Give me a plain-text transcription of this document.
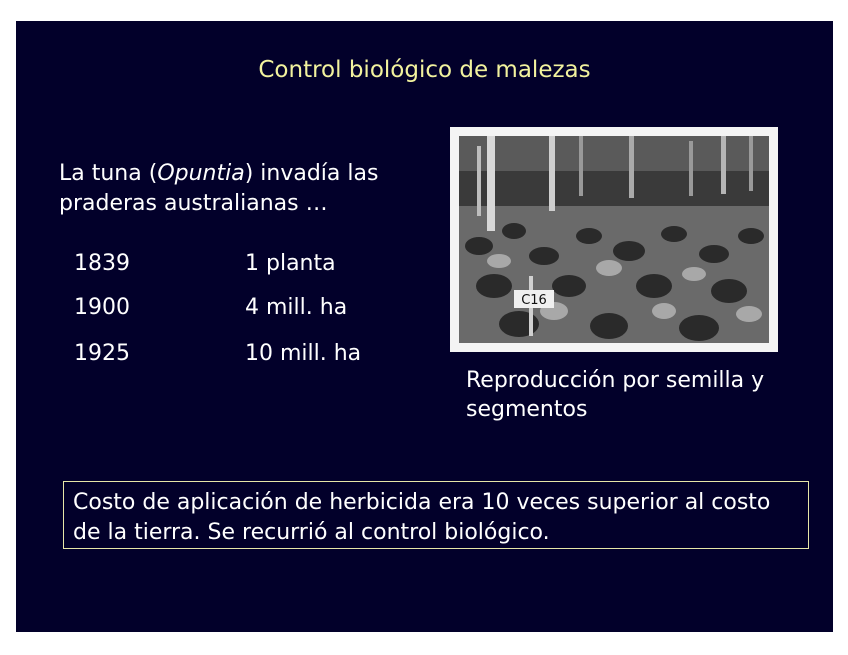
Control biológico de malezas
La tuna (Opuntia) invadía las praderas australianas …
1839	1 planta
1900	4 mill. ha
1925	10 mill. ha
C16
Reproducción por semilla y segmentos
Costo de aplicación de herbicida era 10 veces superior al costo de la tierra. Se recurrió al control biológico.
